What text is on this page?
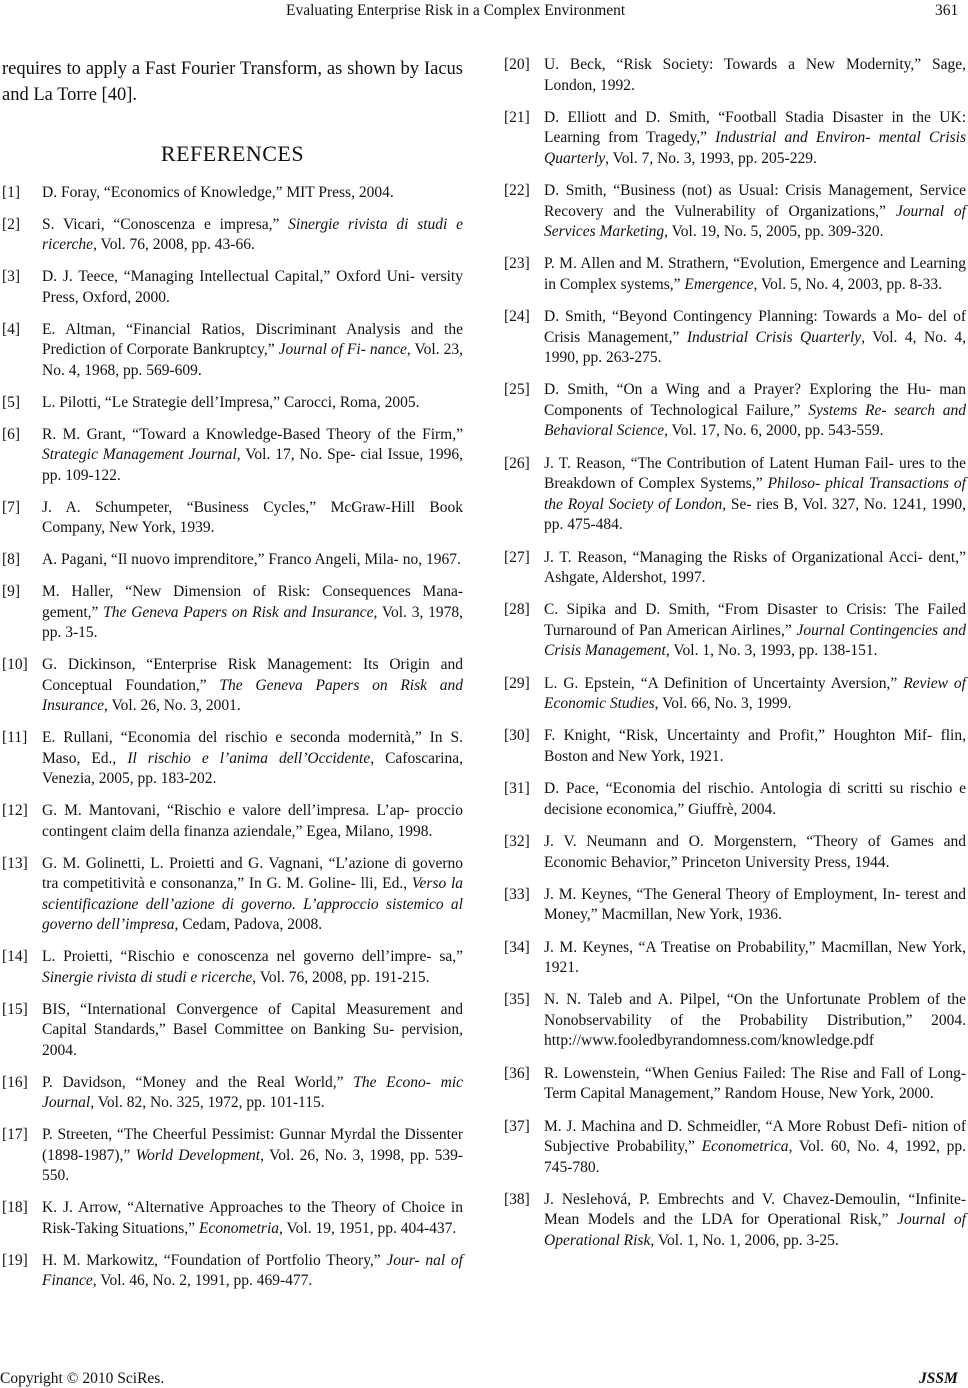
Evaluating Enterprise Risk in a Complex Environment	361

requires to apply a Fast Fourier Transform, as shown by Iacus and La Torre [40].

REFERENCES
[1] D. Foray, “Economics of Knowledge,” MIT Press, 2004.
[2] S. Vicari, “Conoscenza e impresa,” Sinergie rivista di studi e ricerche, Vol. 76, 2008, pp. 43-66.
[3] D. J. Teece, “Managing Intellectual Capital,” Oxford Uni- versity Press, Oxford, 2000.
[4] E. Altman, “Financial Ratios, Discriminant Analysis and the Prediction of Corporate Bankruptcy,” Journal of Fi- nance, Vol. 23, No. 4, 1968, pp. 569-609.
[5] L. Pilotti, “Le Strategie dell’Impresa,” Carocci, Roma, 2005.
[6] R. M. Grant, “Toward a Knowledge-Based Theory of the Firm,” Strategic Management Journal, Vol. 17, No. Spe- cial Issue, 1996, pp. 109-122.
[7] J. A. Schumpeter, “Business Cycles,” McGraw-Hill Book Company, New York, 1939.
[8] A. Pagani, “Il nuovo imprenditore,” Franco Angeli, Mila- no, 1967.
[9] M. Haller, “New Dimension of Risk: Consequences Mana- gement,” The Geneva Papers on Risk and Insurance, Vol. 3, 1978, pp. 3-15.
[10] G. Dickinson, “Enterprise Risk Management: Its Origin and Conceptual Foundation,” The Geneva Papers on Risk and Insurance, Vol. 26, No. 3, 2001.
[11] E. Rullani, “Economia del rischio e seconda modernità,” In S. Maso, Ed., Il rischio e l’anima dell’Occidente, Cafoscarina, Venezia, 2005, pp. 183-202.
[12] G. M. Mantovani, “Rischio e valore dell’impresa. L’ap- proccio contingent claim della finanza aziendale,” Egea, Milano, 1998.
[13] G. M. Golinetti, L. Proietti and G. Vagnani, “L’azione di governo tra competitività e consonanza,” In G. M. Goline- lli, Ed., Verso la scientificazione dell’azione di governo. L’approccio sistemico al governo dell’impresa, Cedam, Padova, 2008.
[14] L. Proietti, “Rischio e conoscenza nel governo dell’impre- sa,” Sinergie rivista di studi e ricerche, Vol. 76, 2008, pp. 191-215.
[15] BIS, “International Convergence of Capital Measurement and Capital Standards,” Basel Committee on Banking Su- pervision, 2004.
[16] P. Davidson, “Money and the Real World,” The Econo- mic Journal, Vol. 82, No. 325, 1972, pp. 101-115.
[17] P. Streeten, “The Cheerful Pessimist: Gunnar Myrdal the Dissenter (1898-1987),” World Development, Vol. 26, No. 3, 1998, pp. 539-550.
[18] K. J. Arrow, “Alternative Approaches to the Theory of Choice in Risk-Taking Situations,” Econometria, Vol. 19, 1951, pp. 404-437.
[19] H. M. Markowitz, “Foundation of Portfolio Theory,” Jour- nal of Finance, Vol. 46, No. 2, 1991, pp. 469-477.
[20] U. Beck, “Risk Society: Towards a New Modernity,” Sage, London, 1992.
[21] D. Elliott and D. Smith, “Football Stadia Disaster in the UK: Learning from Tragedy,” Industrial and Environ- mental Crisis Quarterly, Vol. 7, No. 3, 1993, pp. 205-229.
[22] D. Smith, “Business (not) as Usual: Crisis Management, Service Recovery and the Vulnerability of Organizations,” Journal of Services Marketing, Vol. 19, No. 5, 2005, pp. 309-320.
[23] P. M. Allen and M. Strathern, “Evolution, Emergence and Learning in Complex systems,” Emergence, Vol. 5, No. 4, 2003, pp. 8-33.
[24] D. Smith, “Beyond Contingency Planning: Towards a Mo- del of Crisis Management,” Industrial Crisis Quarterly, Vol. 4, No. 4, 1990, pp. 263-275.
[25] D. Smith, “On a Wing and a Prayer? Exploring the Hu- man Components of Technological Failure,” Systems Re- search and Behavioral Science, Vol. 17, No. 6, 2000, pp. 543-559.
[26] J. T. Reason, “The Contribution of Latent Human Fail- ures to the Breakdown of Complex Systems,” Philoso- phical Transactions of the Royal Society of London, Se- ries B, Vol. 327, No. 1241, 1990, pp. 475-484.
[27] J. T. Reason, “Managing the Risks of Organizational Acci- dent,” Ashgate, Aldershot, 1997.
[28] C. Sipika and D. Smith, “From Disaster to Crisis: The Failed Turnaround of Pan American Airlines,” Journal Contingencies and Crisis Management, Vol. 1, No. 3, 1993, pp. 138-151.
[29] L. G. Epstein, “A Definition of Uncertainty Aversion,” Review of Economic Studies, Vol. 66, No. 3, 1999.
[30] F. Knight, “Risk, Uncertainty and Profit,” Houghton Mif- flin, Boston and New York, 1921.
[31] D. Pace, “Economia del rischio. Antologia di scritti su rischio e decisione economica,” Giuffrè, 2004.
[32] J. V. Neumann and O. Morgenstern, “Theory of Games and Economic Behavior,” Princeton University Press, 1944.
[33] J. M. Keynes, “The General Theory of Employment, In- terest and Money,” Macmillan, New York, 1936.
[34] J. M. Keynes, “A Treatise on Probability,” Macmillan, New York, 1921.
[35] N. N. Taleb and A. Pilpel, “On the Unfortunate Problem of the Nonobservability of the Probability Distribution,” 2004. http://www.fooledbyrandomness.com/knowledge.pdf
[36] R. Lowenstein, “When Genius Failed: The Rise and Fall of Long-Term Capital Management,” Random House, New York, 2000.
[37] M. J. Machina and D. Schmeidler, “A More Robust Defi- nition of Subjective Probability,” Econometrica, Vol. 60, No. 4, 1992, pp. 745-780.
[38] J. Neslehová, P. Embrechts and V. Chavez-Demoulin, “Infinite-Mean Models and the LDA for Operational Risk,” Journal of Operational Risk, Vol. 1, No. 1, 2006, pp. 3-25.
Copyright © 2010 SciRes.	JSSM
